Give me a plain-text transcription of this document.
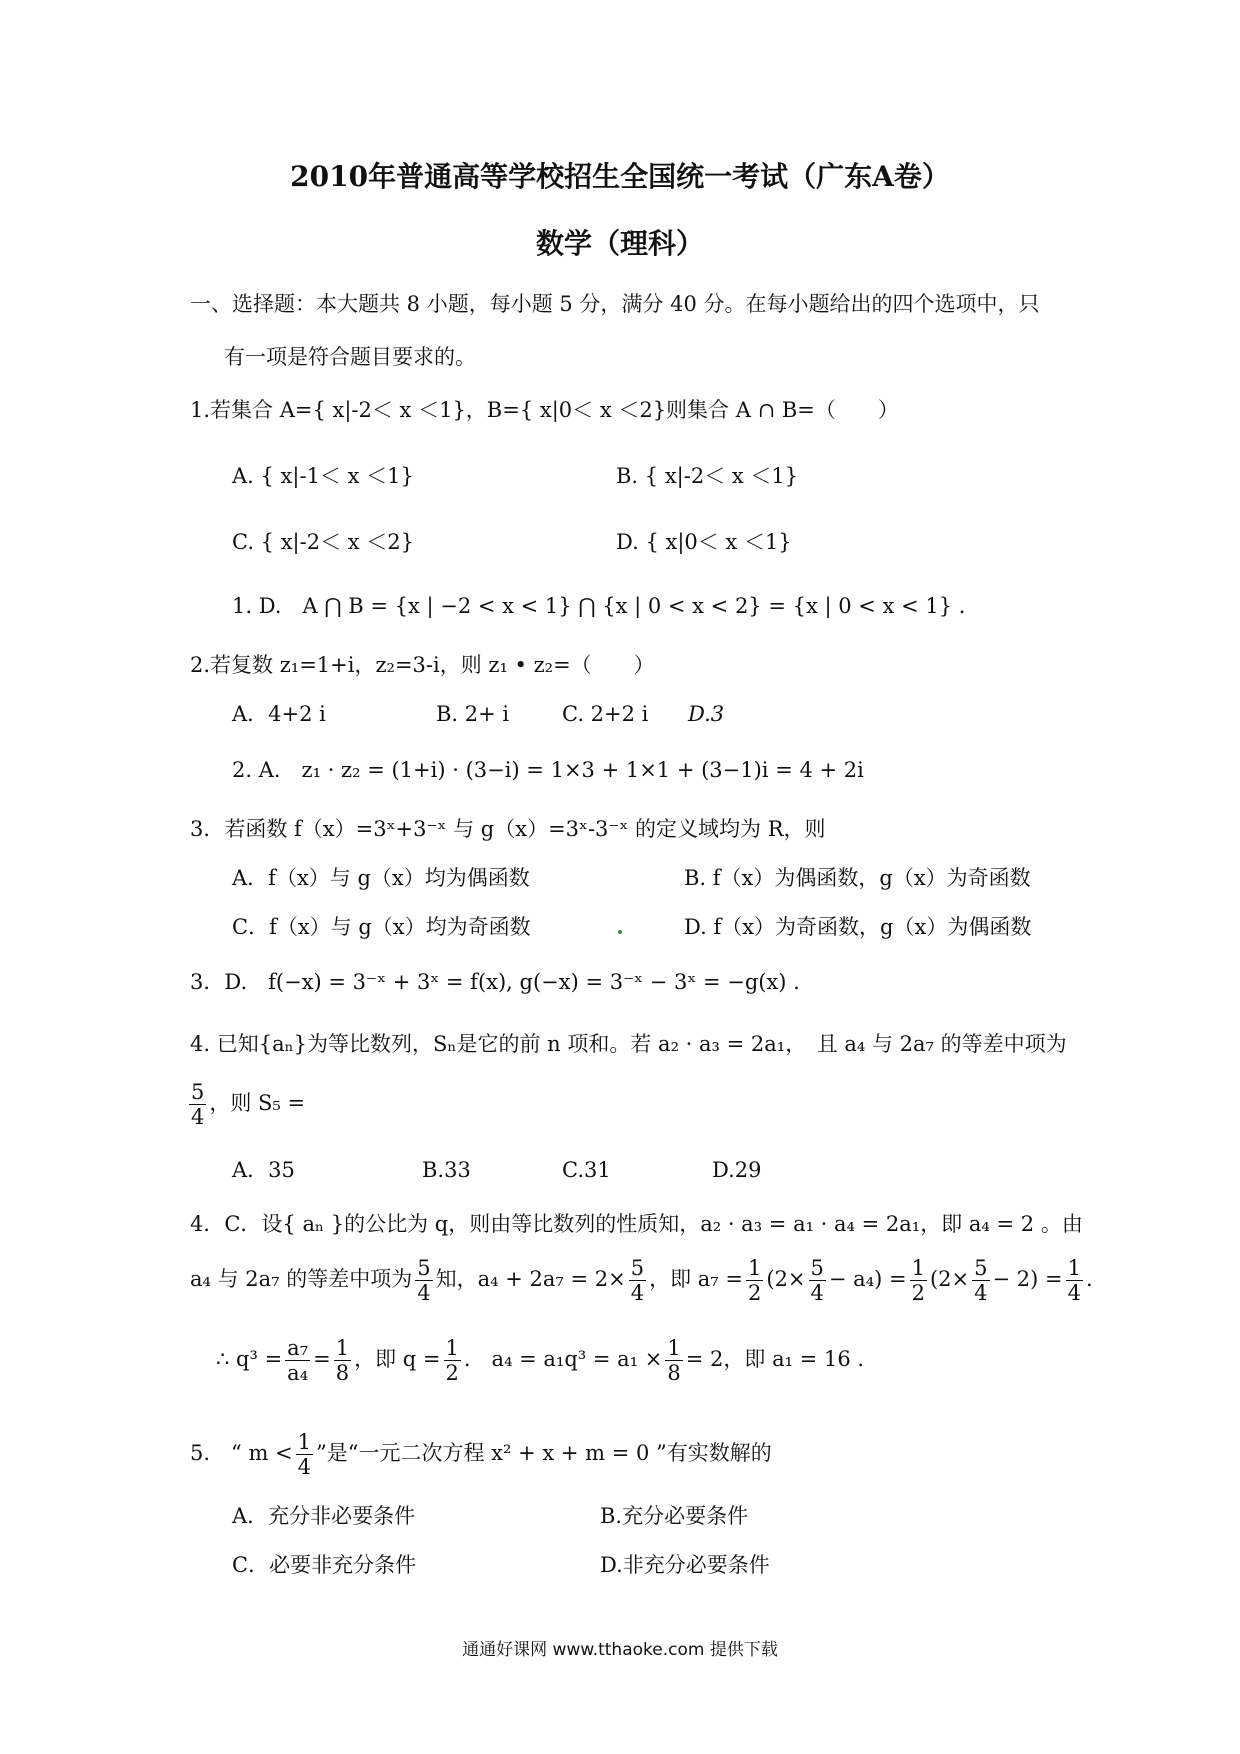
2010年普通高等学校招生全国统一考试（广东A卷）
数学（理科）
一、选择题：本大题共 8 小题，每小题 5 分，满分 40 分。在每小题给出的四个选项中，只
有一项是符合题目要求的。
1.若集合 A={ x|-2＜ x ＜1}，B={ x|0＜ x ＜2}则集合 A ∩ B=（　　）
A. { x|-1＜ x ＜1}	B. { x|-2＜ x ＜1}
C. { x|-2＜ x ＜2}	D. { x|0＜ x ＜1}
1. D.　A ⋂ B = {x | −2 < x < 1} ⋂ {x | 0 < x < 2} = {x | 0 < x < 1} .
2.若复数 z₁=1+i，z₂=3-i，则 z₁ • z₂=（　　）
A．4+2 i	B. 2+ i	C. 2+2 i D.3
2. A.　z₁ · z₂ = (1+i) · (3−i) = 1×3 + 1×1 + (3−1)i = 4 + 2i
3．若函数 f（x）=3ˣ+3⁻ˣ 与 g（x）=3ˣ-3⁻ˣ 的定义域均为 R，则
A．f（x）与 g（x）均为偶函数	B. f（x）为偶函数，g（x）为奇函数
C．f（x）与 g（x）均为奇函数	D. f（x）为奇函数，g（x）为偶函数
3．D.　f(−x) = 3⁻ˣ + 3ˣ = f(x), g(−x) = 3⁻ˣ − 3ˣ = −g(x) .
4. 已知{aₙ}为等比数列，Sₙ是它的前 n 项和。若 a₂ · a₃ = 2a₁，　且 a₄ 与 2a₇ 的等差中项为
$\frac{5}{4}$ ，则 S₅ =
A．35	B.33	C.31	D.29
4．C．设{ aₙ }的公比为 q，则由等比数列的性质知，a₂ · a₃ = a₁ · a₄ = 2a₁，即 a₄ = 2 。由
a₄ 与 2a₇ 的等差中项为 $\frac{5}{4}$ 知，$a_4 + 2a_7 = 2\times \frac{5}{4}$ ，即 $a_7 = \frac{1}{2} (2\times \frac{5}{4} - a_4) = \frac{1}{2} (2\times \frac{5}{4} - 2) = \frac{1}{4}$ .
∴ $q^3 = \frac{\text{a₇}}{\text{a₄}} = \frac{1}{8}$ ，即 $q = \frac{1}{2}$ .　$a_4 = a_1q^3 = a_1 \times \frac{1}{8} = 2$，即 a₁ = 16 .
5.　“ $m < \frac{1}{4}$ ”是“一元二次方程 x² + x + m = 0 ”有实数解的
A．充分非必要条件	B.充分必要条件
C．必要非充分条件	D.非充分必要条件
通通好课网 www.tthaoke.com 提供下载
